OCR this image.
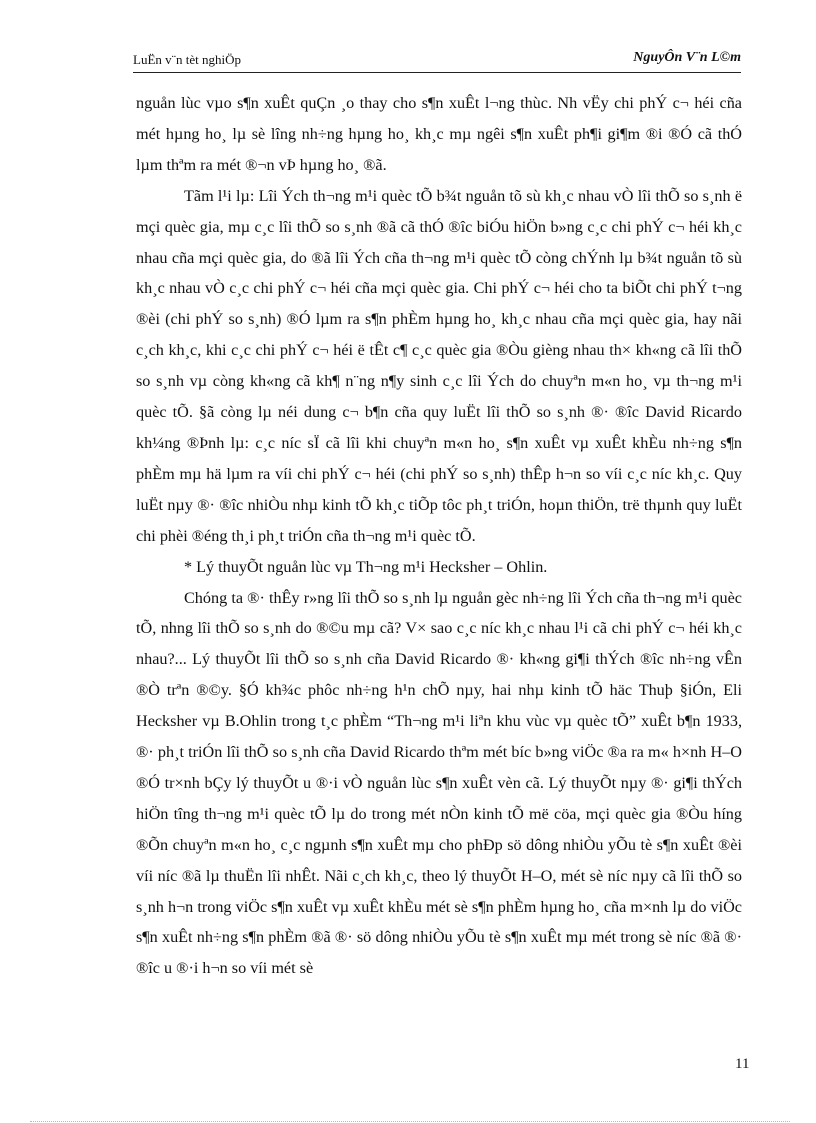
LuËn v¨n tèt nghiÖp	NguyÔn V¨n L©m

nguån lùc vµo s¶n xuÊt quÇn ¸o thay cho s¶n xuÊt l¬ng thùc. Nh vËy chi phÝ c¬ héi cña mét hµng ho¸ lµ sè lîng nh÷ng hµng ho¸ kh¸c mµ ngêi s¶n xuÊt ph¶i gi¶m ®i ®Ó cã thÓ lµm thªm ra mét ®¬n vÞ hµng ho¸ ®ã.

Tãm l¹i lµ: Lîi Ých th¬ng m¹i quèc tÕ b¾t nguån tõ sù kh¸c nhau vÒ lîi thÕ so s¸nh ë mçi quèc gia, mµ c¸c lîi thÕ so s¸nh ®ã cã thÓ ®îc biÓu hiÖn b»ng c¸c chi phÝ c¬ héi kh¸c nhau cña mçi quèc gia, do ®ã lîi Ých cña th¬ng m¹i quèc tÕ còng chÝnh lµ b¾t nguån tõ sù kh¸c nhau vÒ c¸c chi phÝ c¬ héi cña mçi quèc gia. Chi phÝ c¬ héi cho ta biÕt chi phÝ t¬ng ®èi (chi phÝ so s¸nh) ®Ó lµm ra s¶n phÈm hµng ho¸ kh¸c nhau cña mçi quèc gia, hay nãi c¸ch kh¸c, khi c¸c chi phÝ c¬ héi ë tÊt c¶ c¸c quèc gia ®Òu gièng nhau th× kh«ng cã lîi thÕ so s¸nh vµ còng kh«ng cã kh¶ n¨ng n¶y sinh c¸c lîi Ých do chuyªn m«n ho¸ vµ th¬ng m¹i quèc tÕ. §ã còng lµ néi dung c¬ b¶n cña quy luËt lîi thÕ so s¸nh ®· ®îc David Ricardo kh¼ng ®Þnh lµ: c¸c níc sÏ cã lîi khi chuyªn m«n ho¸ s¶n xuÊt vµ xuÊt khÈu nh÷ng s¶n phÈm mµ hä lµm ra víi chi phÝ c¬ héi (chi phÝ so s¸nh) thÊp h¬n so víi c¸c níc kh¸c. Quy luËt nµy ®· ®îc nhiÒu nhµ kinh tÕ kh¸c tiÕp tôc ph¸t triÓn, hoµn thiÖn, trë thµnh quy luËt chi phèi ®éng th¸i ph¸t triÓn cña th¬ng m¹i quèc tÕ.

* Lý thuyÕt nguån lùc vµ Th¬ng m¹i Hecksher – Ohlin.

Chóng ta ®· thÊy r»ng lîi thÕ so s¸nh lµ nguån gèc nh÷ng lîi Ých cña th¬ng m¹i quèc tÕ, nhng lîi thÕ so s¸nh do ®©u mµ cã? V× sao c¸c níc kh¸c nhau l¹i cã chi phÝ c¬ héi kh¸c nhau?... Lý thuyÕt lîi thÕ so s¸nh cña David Ricardo ®· kh«ng gi¶i thÝch ®îc nh÷ng vÊn ®Ò trªn ®©y. §Ó kh¾c phôc nh÷ng h¹n chÕ nµy, hai nhµ kinh tÕ häc Thuþ §iÓn, Eli Hecksher vµ B.Ohlin trong t¸c phÈm “Th¬ng m¹i liªn khu vùc vµ quèc tÕ” xuÊt b¶n 1933, ®· ph¸t triÓn lîi thÕ so s¸nh cña David Ricardo thªm mét bíc b»ng viÖc ®a ra m« h×nh H–O ®Ó tr×nh bÇy lý thuyÕt u ®·i vÒ nguån lùc s¶n xuÊt vèn cã. Lý thuyÕt nµy ®· gi¶i thÝch hiÖn tîng th¬ng m¹i quèc tÕ lµ do trong mét nÒn kinh tÕ më cöa, mçi quèc gia ®Òu híng ®Õn chuyªn m«n ho¸ c¸c ngµnh s¶n xuÊt mµ cho phÐp sö dông nhiÒu yÕu tè s¶n xuÊt ®èi víi níc ®ã lµ thuËn lîi nhÊt. Nãi c¸ch kh¸c, theo lý thuyÕt H–O, mét sè níc nµy cã lîi thÕ so s¸nh h¬n trong viÖc s¶n xuÊt vµ xuÊt khÈu mét sè s¶n phÈm hµng ho¸ cña m×nh lµ do viÖc s¶n xuÊt nh÷ng s¶n phÈm ®ã ®· sö dông nhiÒu yÕu tè s¶n xuÊt mµ mét trong sè níc ®ã ®· ®îc u ®·i h¬n so víi mét sè

11
